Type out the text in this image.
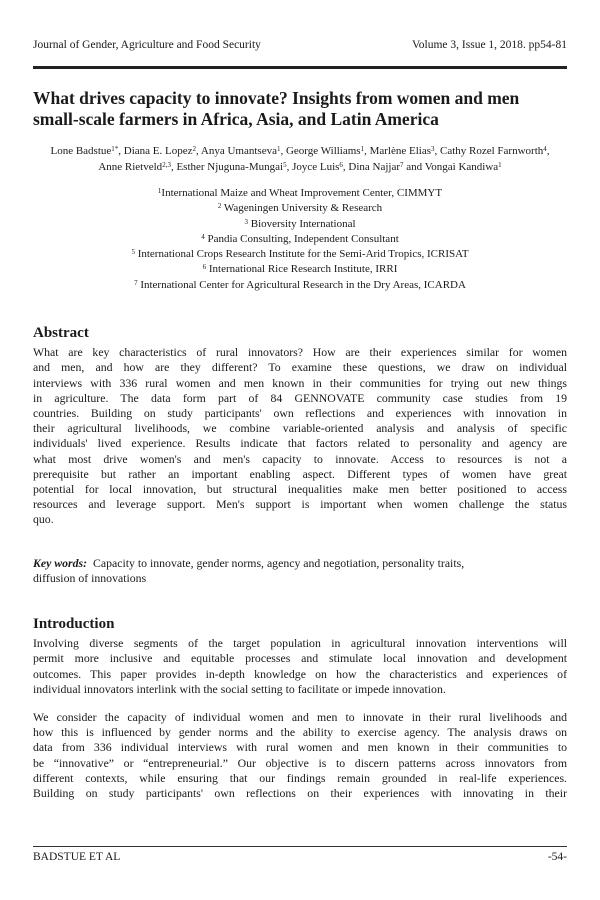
Journal of Gender, Agriculture and Food Security	Volume 3, Issue 1, 2018. pp54-81
What drives capacity to innovate? Insights from women and men
small-scale farmers in Africa, Asia, and Latin America
Lone Badstue$^{1*}$, Diana E. Lopez$^2$, Anya Umantseva$^1$, George Williams$^1$, Marlène Elias$^3$, Cathy Rozel Farnworth$^4$,
Anne Rietveld$^{2,3}$, Esther Njuguna-Mungai$^5$, Joyce Luis$^6$, Dina Najjar$^7$ and Vongai Kandiwa$^1$
$^1$International Maize and Wheat Improvement Center, CIMMYT
$^2$ Wageningen University & Research
$^3$ Bioversity International
$^4$ Pandia Consulting, Independent Consultant
$^5$ International Crops Research Institute for the Semi-Arid Tropics, ICRISAT
$^6$ International Rice Research Institute, IRRI
$^7$ International Center for Agricultural Research in the Dry Areas, ICARDA
Abstract
What are key characteristics of rural innovators? How are their experiences similar for women
and men, and how are they different? To examine these questions, we draw on individual
interviews with 336 rural women and men known in their communities for trying out new things
in agriculture. The data form part of 84 GENNOVATE community case studies from 19
countries. Building on study participants' own reflections and experiences with innovation in
their agricultural livelihoods, we combine variable-oriented analysis and analysis of specific
individuals' lived experience. Results indicate that factors related to personality and agency are
what most drive women's and men's capacity to innovate. Access to resources is not a
prerequisite but rather an important enabling aspect. Different types of women have great
potential for local innovation, but structural inequalities make men better positioned to access
resources and leverage support. Men's support is important when women challenge the status
quo.
Key words: Capacity to innovate, gender norms, agency and negotiation, personality traits,
diffusion of innovations
Introduction
Involving diverse segments of the target population in agricultural innovation interventions will
permit more inclusive and equitable processes and stimulate local innovation and development
outcomes. This paper provides in-depth knowledge on how the characteristics and experiences of
individual innovators interlink with the social setting to facilitate or impede innovation.
We consider the capacity of individual women and men to innovate in their rural livelihoods and
how this is influenced by gender norms and the ability to exercise agency. The analysis draws on
data from 336 individual interviews with rural women and men known in their communities to
be “innovative” or “entrepreneurial.” Our objective is to discern patterns across innovators from
different contexts, while ensuring that our findings remain grounded in real-life experiences.
Building on study participants' own reflections on their experiences with innovating in their
BADSTUE ET AL	-54-
